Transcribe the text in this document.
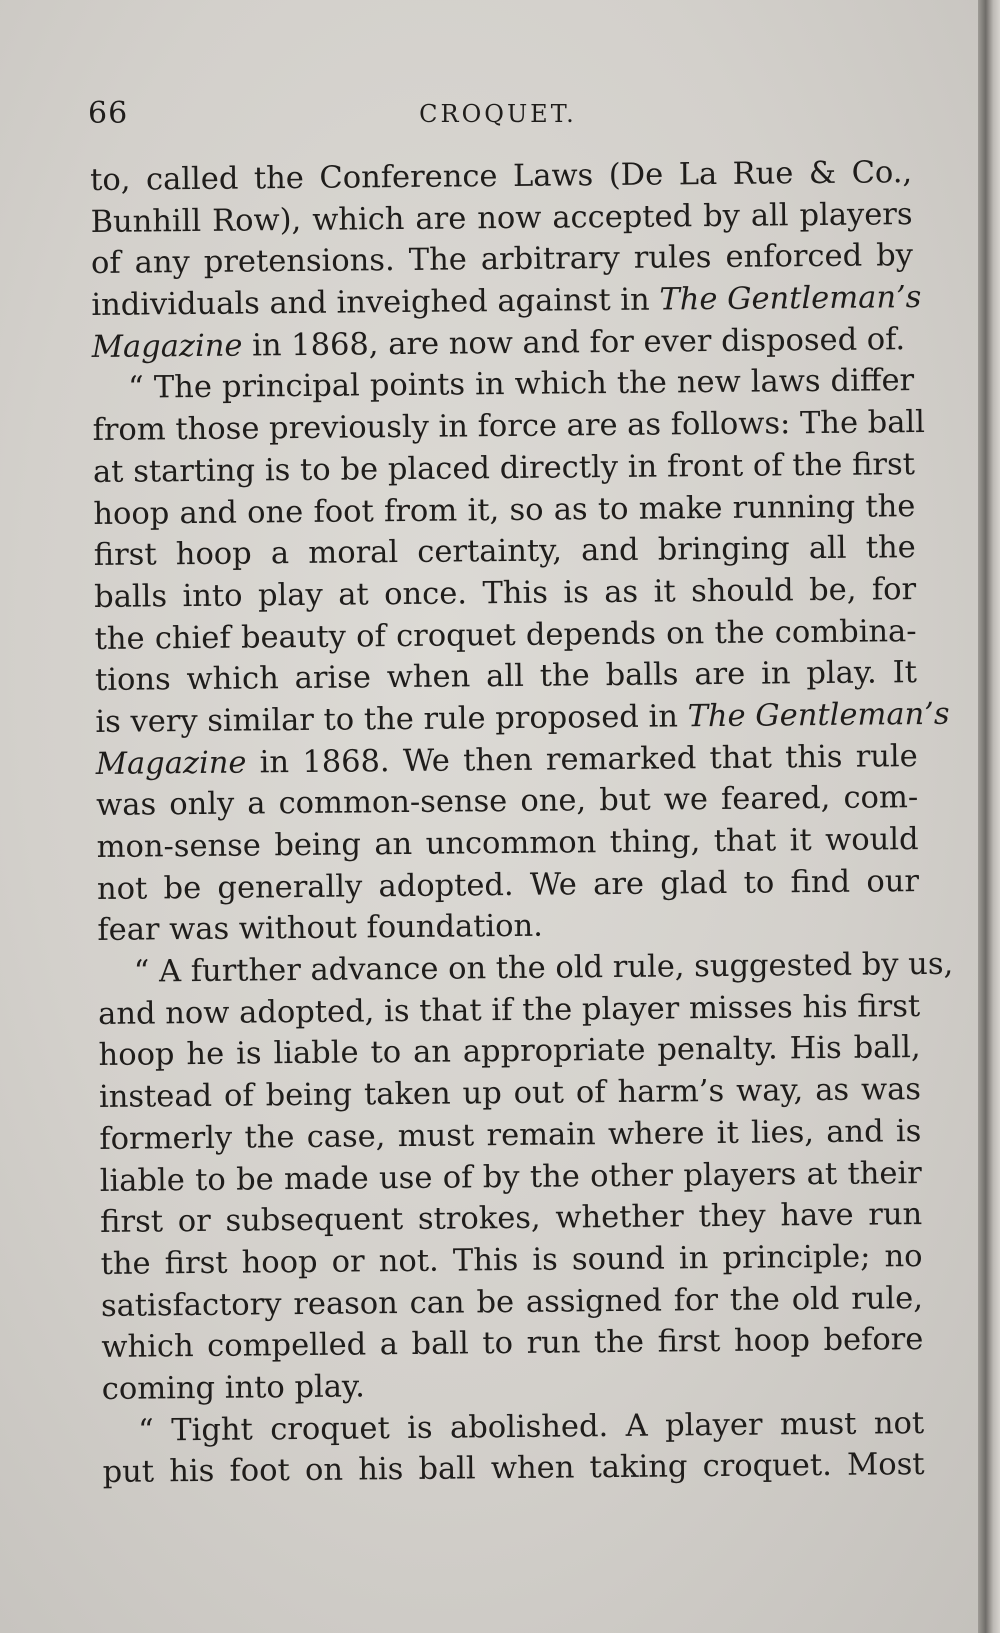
66	CROQUET.
to, called the Conference Laws (De La Rue & Co.,
Bunhill Row), which are now accepted by all players
of any pretensions. The arbitrary rules enforced by
individuals and inveighed against in The Gentleman’s
Magazine in 1868, are now and for ever disposed of.
“ The principal points in which the new laws differ
from those previously in force are as follows: The ball
at starting is to be placed directly in front of the first
hoop and one foot from it, so as to make running the
first hoop a moral certainty, and bringing all the
balls into play at once. This is as it should be, for
the chief beauty of croquet depends on the combina-
tions which arise when all the balls are in play. It
is very similar to the rule proposed in The Gentleman’s
Magazine in 1868. We then remarked that this rule
was only a common-sense one, but we feared, com-
mon-sense being an uncommon thing, that it would
not be generally adopted. We are glad to find our
fear was without foundation.
“ A further advance on the old rule, suggested by us,
and now adopted, is that if the player misses his first
hoop he is liable to an appropriate penalty. His ball,
instead of being taken up out of harm’s way, as was
formerly the case, must remain where it lies, and is
liable to be made use of by the other players at their
first or subsequent strokes, whether they have run
the first hoop or not. This is sound in principle; no
satisfactory reason can be assigned for the old rule,
which compelled a ball to run the first hoop before
coming into play.
“ Tight croquet is abolished. A player must not
put his foot on his ball when taking croquet. Most
